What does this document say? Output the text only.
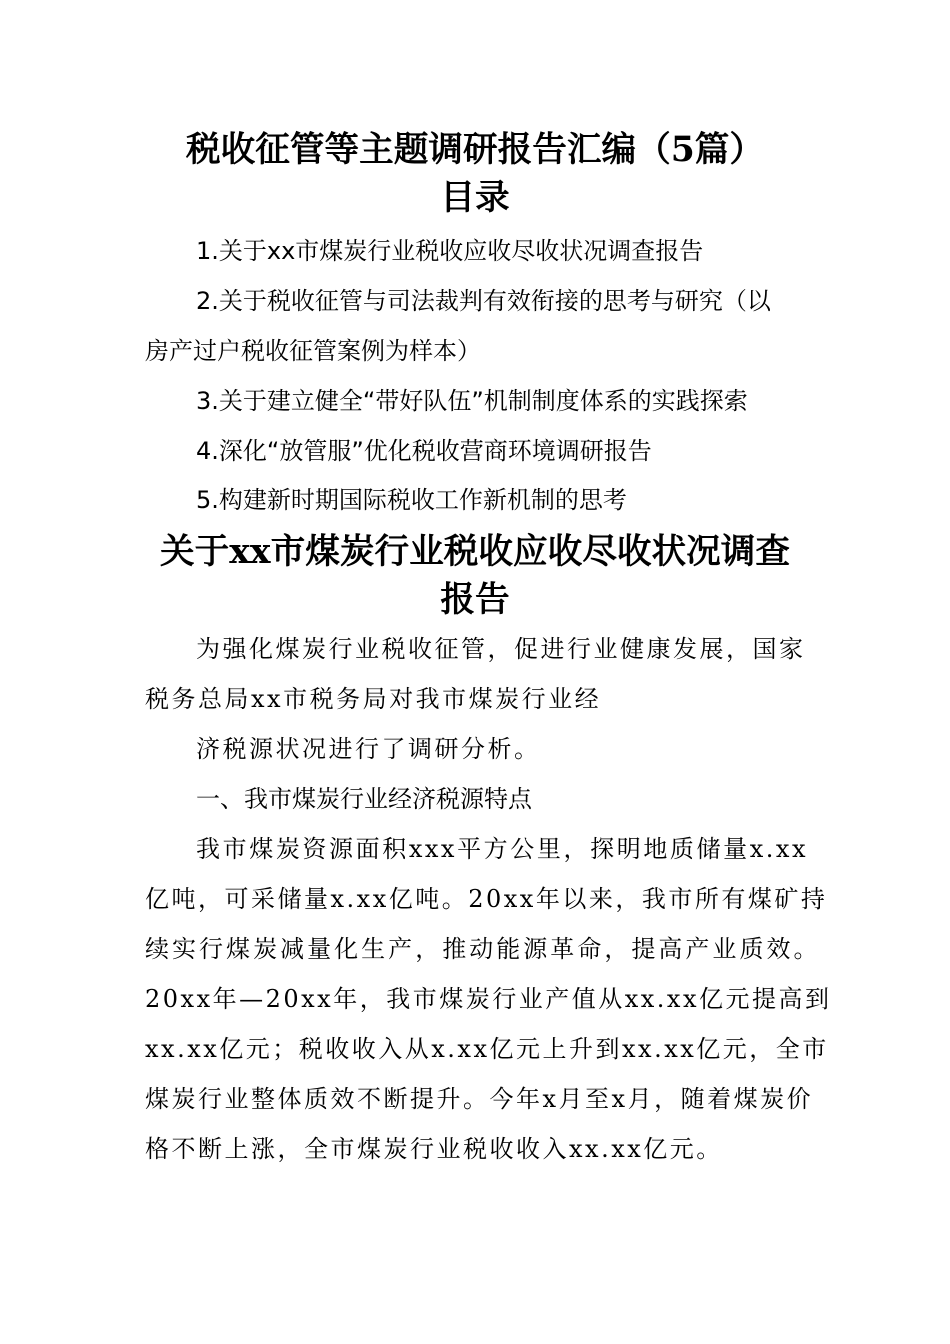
税收征管等主题调研报告汇编（5篇）
目录
1.关于xx市煤炭行业税收应收尽收状况调查报告
2.关于税收征管与司法裁判有效衔接的思考与研究（以
房产过户税收征管案例为样本）
3.关于建立健全“带好队伍”机制制度体系的实践探索
4.深化“放管服”优化税收营商环境调研报告
5.构建新时期国际税收工作新机制的思考
关于xx市煤炭行业税收应收尽收状况调查
报告
为强化煤炭行业税收征管，促进行业健康发展，国家
税务总局xx市税务局对我市煤炭行业经
济税源状况进行了调研分析。
一、我市煤炭行业经济税源特点
我市煤炭资源面积xxx平方公里，探明地质储量x.xx
亿吨，可采储量x.xx亿吨。20xx年以来，我市所有煤矿持
续实行煤炭减量化生产，推动能源革命，提高产业质效。
20xx年—20xx年，我市煤炭行业产值从xx.xx亿元提高到
xx.xx亿元；税收收入从x.xx亿元上升到xx.xx亿元，全市
煤炭行业整体质效不断提升。今年x月至x月，随着煤炭价
格不断上涨，全市煤炭行业税收收入xx.xx亿元。
